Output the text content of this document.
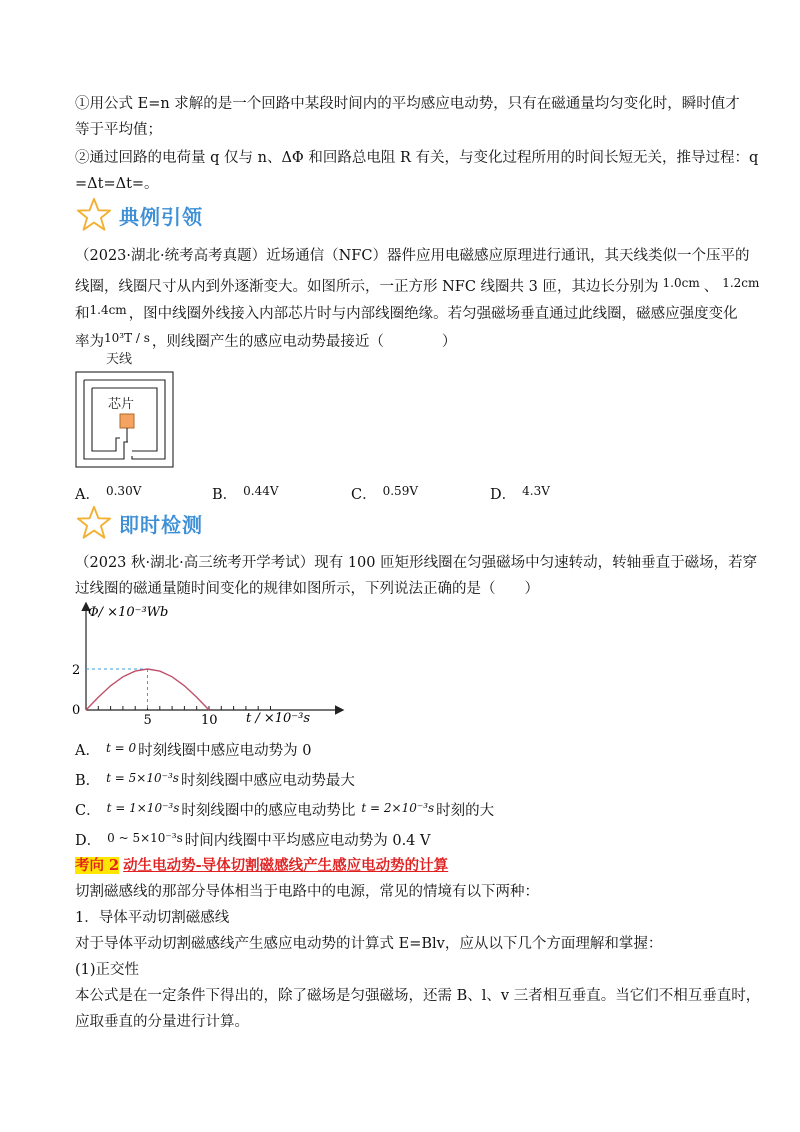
①用公式 E=n 求解的是一个回路中某段时间内的平均感应电动势，只有在磁通量均匀变化时，瞬时值才
等于平均值；
②通过回路的电荷量 q 仅与 n、ΔΦ 和回路总电阻 R 有关，与变化过程所用的时间长短无关，推导过程：q
=Δt=Δt=。
典例引领
（2023·湖北·统考高考真题）近场通信（NFC）器件应用电磁感应原理进行通讯，其天线类似一个压平的
线圈，线圈尺寸从内到外逐渐变大。如图所示，一正方形 NFC 线圈共 3 匝，其边长分别为 $^{1.0cm}$ 、 $^{1.2cm}$
和$^{1.4cm}$ ，图中线圈外线接入内部芯片时与内部线圈绝缘。若匀强磁场垂直通过此线圈，磁感应强度变化
率为$^{10^3T / s}$ ，则线圈产生的感应电动势最接近（　　　　）
天线
芯片
A． $^{0.30V}$	B． $^{0.44V}$	C． $^{0.59V}$	D． $^{4.3V}$
即时检测
（2023 秋·湖北·高三统考开学考试）现有 100 匝矩形线圈在匀强磁场中匀速转动，转轴垂直于磁场，若穿
过线圈的磁通量随时间变化的规律如图所示，下列说法正确的是（　　）
Φ/ ×10⁻³Wb
t / ×10⁻³s
0
2
5	10
A． $^{t = 0}$ 时刻线圈中感应电动势为 0
B． $^{t = 5\times 10^{-3}s}$ 时刻线圈中感应电动势最大
C． $^{t = 1\times 10^{-3}s}$ 时刻线圈中的感应电动势比 $^{t = 2\times 10^{-3}s}$ 时刻的大
D． $^{0 \sim 5\times 10^{-3}s}$ 时间内线圈中平均感应电动势为 0.4 V
考向 2 动生电动势-导体切割磁感线产生感应电动势的计算
切割磁感线的那部分导体相当于电路中的电源，常见的情境有以下两种：
1．导体平动切割磁感线
对于导体平动切割磁感线产生感应电动势的计算式 E=Blv，应从以下几个方面理解和掌握：
(1)正交性
本公式是在一定条件下得出的，除了磁场是匀强磁场，还需 B、l、v 三者相互垂直。当它们不相互垂直时，
应取垂直的分量进行计算。
